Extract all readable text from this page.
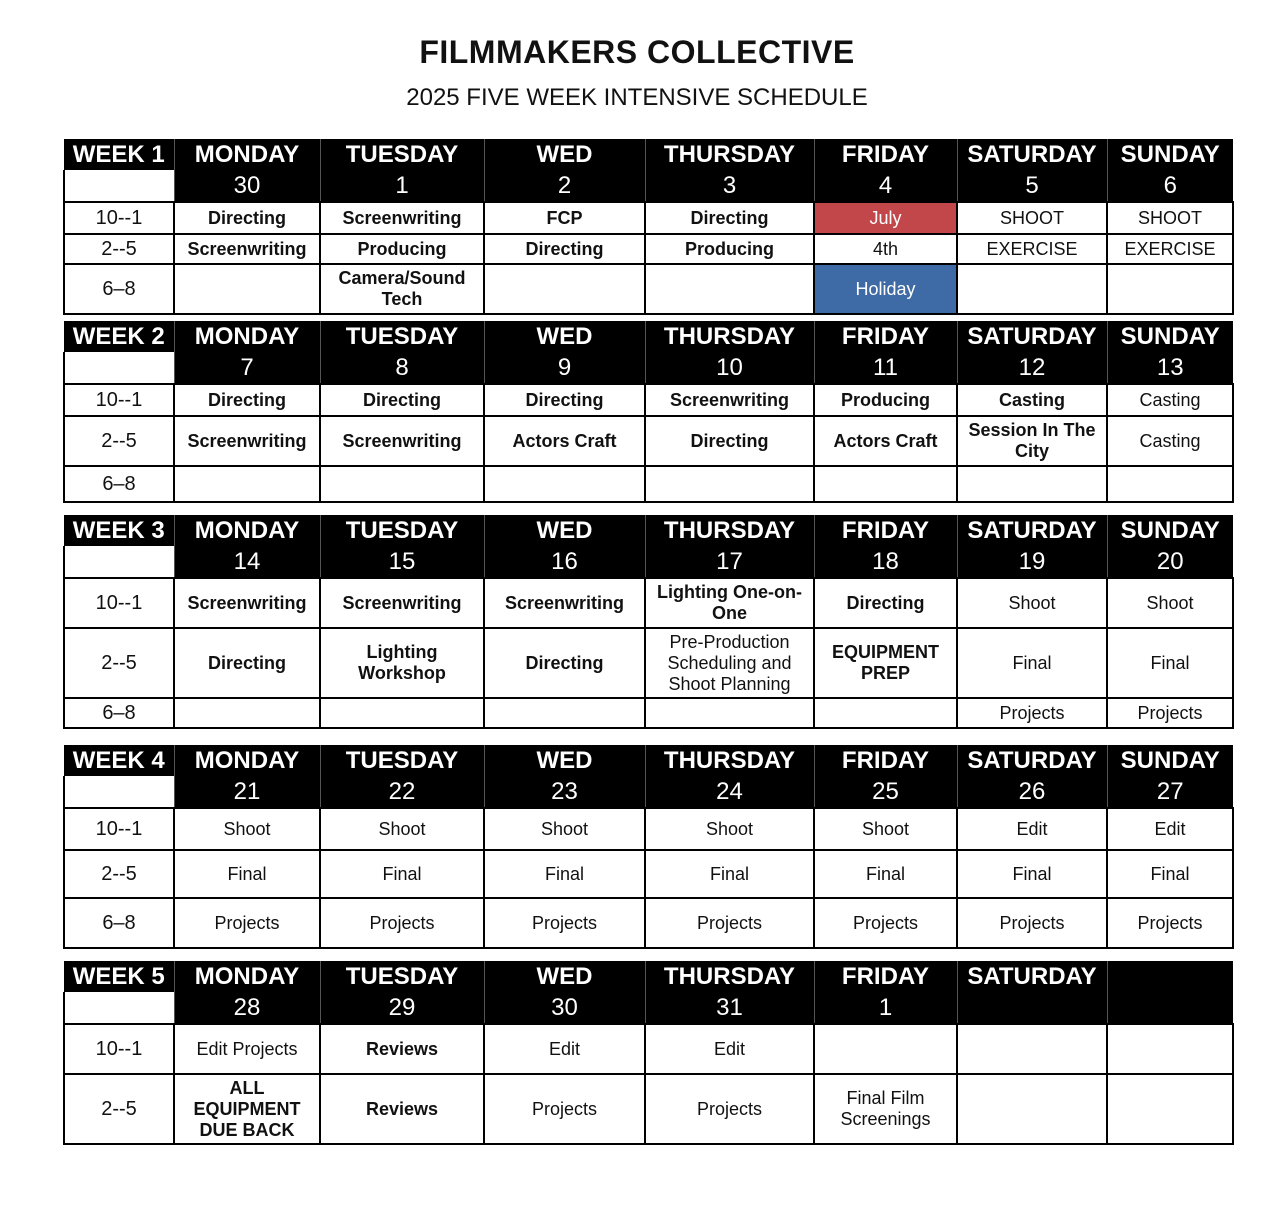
FILMMAKERS COLLECTIVE
2025 FIVE WEEK INTENSIVE SCHEDULE
WEEK 1	MONDAY	TUESDAY	WED	THURSDAY	FRIDAY	SATURDAY	SUNDAY
	30	1	2	3	4	5	6
10--1	Directing	Screenwriting	FCP	Directing	July	SHOOT	SHOOT
2--5	Screenwriting	Producing	Directing	Producing	4th	EXERCISE	EXERCISE
6–8		Camera/Sound Tech			Holiday		
WEEK 2	MONDAY	TUESDAY	WED	THURSDAY	FRIDAY	SATURDAY	SUNDAY
	7	8	9	10	11	12	13
10--1	Directing	Directing	Directing	Screenwriting	Producing	Casting	Casting
2--5	Screenwriting	Screenwriting	Actors Craft	Directing	Actors Craft	Session In The City	Casting
6–8							
WEEK 3	MONDAY	TUESDAY	WED	THURSDAY	FRIDAY	SATURDAY	SUNDAY
	14	15	16	17	18	19	20
10--1	Screenwriting	Screenwriting	Screenwriting	Lighting One-on-One	Directing	Shoot	Shoot
2--5	Directing	Lighting Workshop	Directing	Pre-Production Scheduling and Shoot Planning	EQUIPMENT PREP	Final	Final
6–8						Projects	Projects
WEEK 4	MONDAY	TUESDAY	WED	THURSDAY	FRIDAY	SATURDAY	SUNDAY
	21	22	23	24	25	26	27
10--1	Shoot	Shoot	Shoot	Shoot	Shoot	Edit	Edit
2--5	Final	Final	Final	Final	Final	Final	Final
6–8	Projects	Projects	Projects	Projects	Projects	Projects	Projects
WEEK 5	MONDAY	TUESDAY	WED	THURSDAY	FRIDAY	SATURDAY	
	28	29	30	31	1		
10--1	Edit Projects	Reviews	Edit	Edit			
2--5	ALL EQUIPMENT DUE BACK	Reviews	Projects	Projects	Final Film Screenings		
